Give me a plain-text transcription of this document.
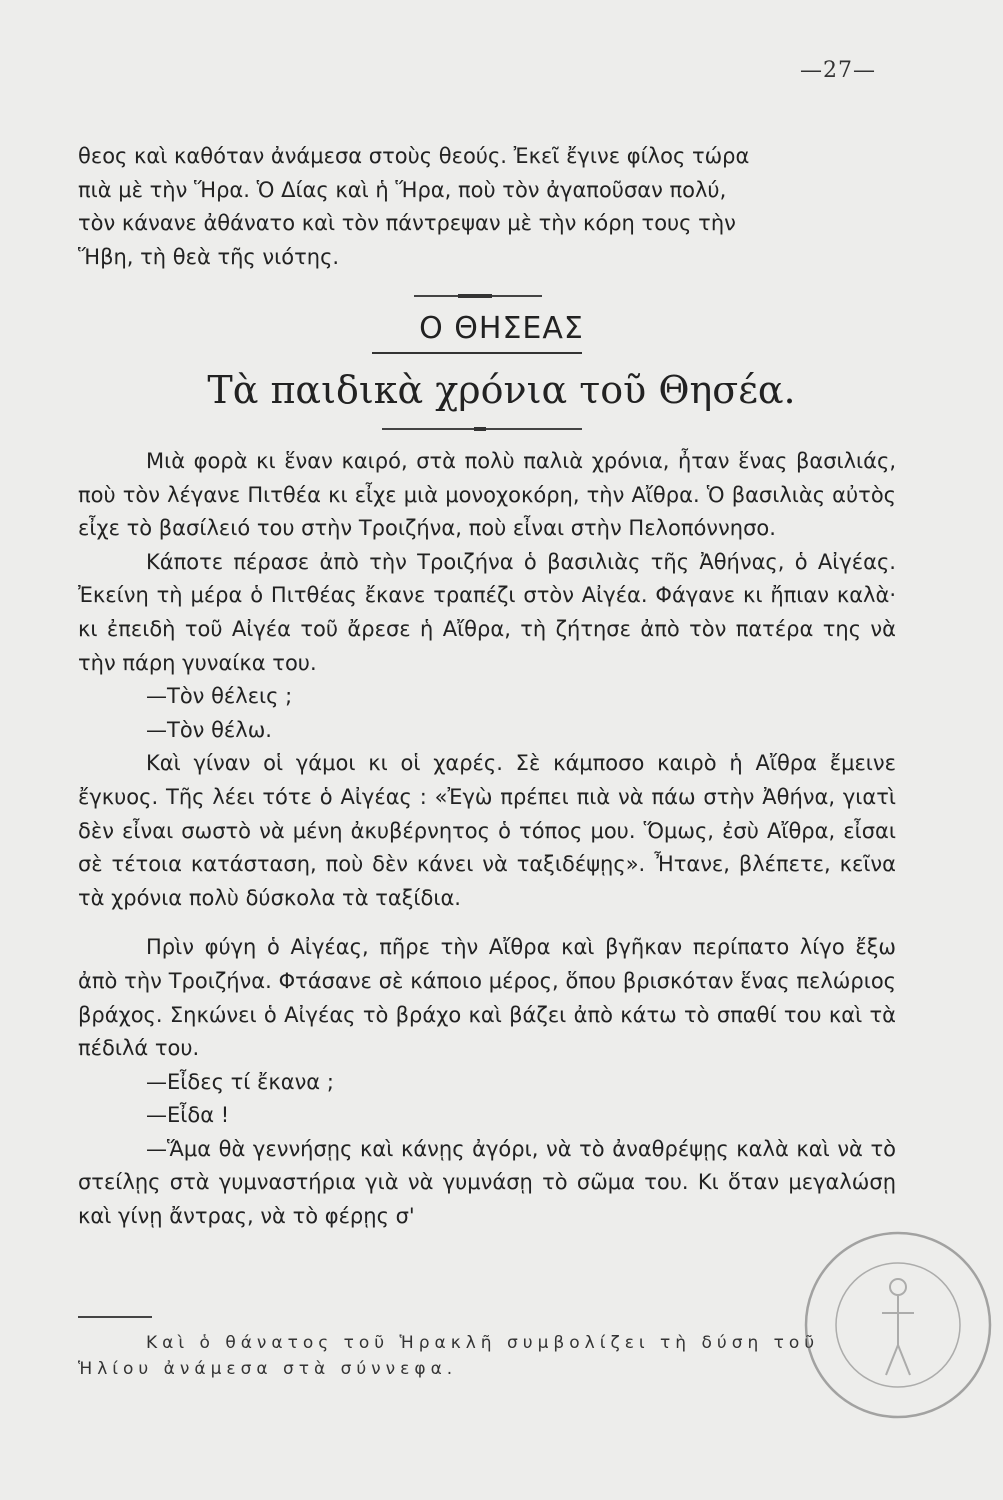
—27—

θεος καὶ καθόταν ἀνάμεσα στοὺς θεούς. Ἐκεῖ ἔγινε φίλος τώρα

πιὰ μὲ τὴν Ἥρα. Ὁ Δίας καὶ ἡ Ἥρα, ποὺ τὸν ἀγαποῦσαν πολύ,

τὸν κάνανε ἀθάνατο καὶ τὸν πάντρεψαν μὲ τὴν κόρη τους τὴν

Ἥβη, τὴ θεὰ τῆς νιότης.

Ο ΘΗΣΕΑΣ
Τὰ παιδικὰ χρόνια τοῦ Θησέα.

Μιὰ φορὰ κι ἕναν καιρό, στὰ πολὺ παλιὰ χρόνια, ἦταν ἕνας βασιλιάς, ποὺ τὸν λέγανε Πιτθέα κι εἶχε μιὰ μονοχοκόρη, τὴν Αἴθρα. Ὁ βασιλιὰς αὐτὸς εἶχε τὸ βασίλειό του στὴν Τροιζήνα, ποὺ εἶναι στὴν Πελοπόννησο.

Κάποτε πέρασε ἀπὸ τὴν Τροιζήνα ὁ βασιλιὰς τῆς Ἀθήνας, ὁ Αἰγέας. Ἐκείνη τὴ μέρα ὁ Πιτθέας ἔκανε τραπέζι στὸν Αἰγέα. Φάγανε κι ἤπιαν καλὰ· κι ἐπειδὴ τοῦ Αἰγέα τοῦ ἄρεσε ἡ Αἴθρα, τὴ ζήτησε ἀπὸ τὸν πατέρα της νὰ τὴν πάρη γυναίκα του.

—Τὸν θέλεις ;

—Τὸν θέλω.

Καὶ γίναν οἱ γάμοι κι οἱ χαρές. Σὲ κάμποσο καιρὸ ἡ Αἴθρα ἔμεινε ἔγκυος. Τῆς λέει τότε ὁ Αἰγέας : «Ἐγὼ πρέπει πιὰ νὰ πάω στὴν Ἀθήνα, γιατὶ δὲν εἶναι σωστὸ νὰ μένη ἀκυβέρνητος ὁ τόπος μου. Ὅμως, ἐσὺ Αἴθρα, εἶσαι σὲ τέτοια κατάσταση, ποὺ δὲν κάνει νὰ ταξιδέψῃς». Ἦτανε, βλέπετε, κεῖνα τὰ χρόνια πολὺ δύσκολα τὰ ταξίδια.

Πρὶν φύγη ὁ Αἰγέας, πῆρε τὴν Αἴθρα καὶ βγῆκαν περίπατο λίγο ἔξω ἀπὸ τὴν Τροιζήνα. Φτάσανε σὲ κάποιο μέρος, ὅπου βρισκόταν ἕνας πελώριος βράχος. Σηκώνει ὁ Αἰγέας τὸ βράχο καὶ βάζει ἀπὸ κάτω τὸ σπαθί του καὶ τὰ πέδιλά του.

—Εἶδες τί ἔκανα ;

—Εἶδα !

—Ἅμα θὰ γεννήσῃς καὶ κάνῃς ἀγόρι, νὰ τὸ ἀναθρέψῃς καλὰ καὶ νὰ τὸ στείλῃς στὰ γυμναστήρια γιὰ νὰ γυμνάσῃ τὸ σῶμα του. Κι ὅταν μεγαλώσῃ καὶ γίνῃ ἄντρας, νὰ τὸ φέρῃς σ'

Καὶ ὁ θάνατος τοῦ Ἡρακλῆ συμβολίζει τὴ δύση τοῦ
Ἡλίου ἀνάμεσα στὰ σύννεφα.
